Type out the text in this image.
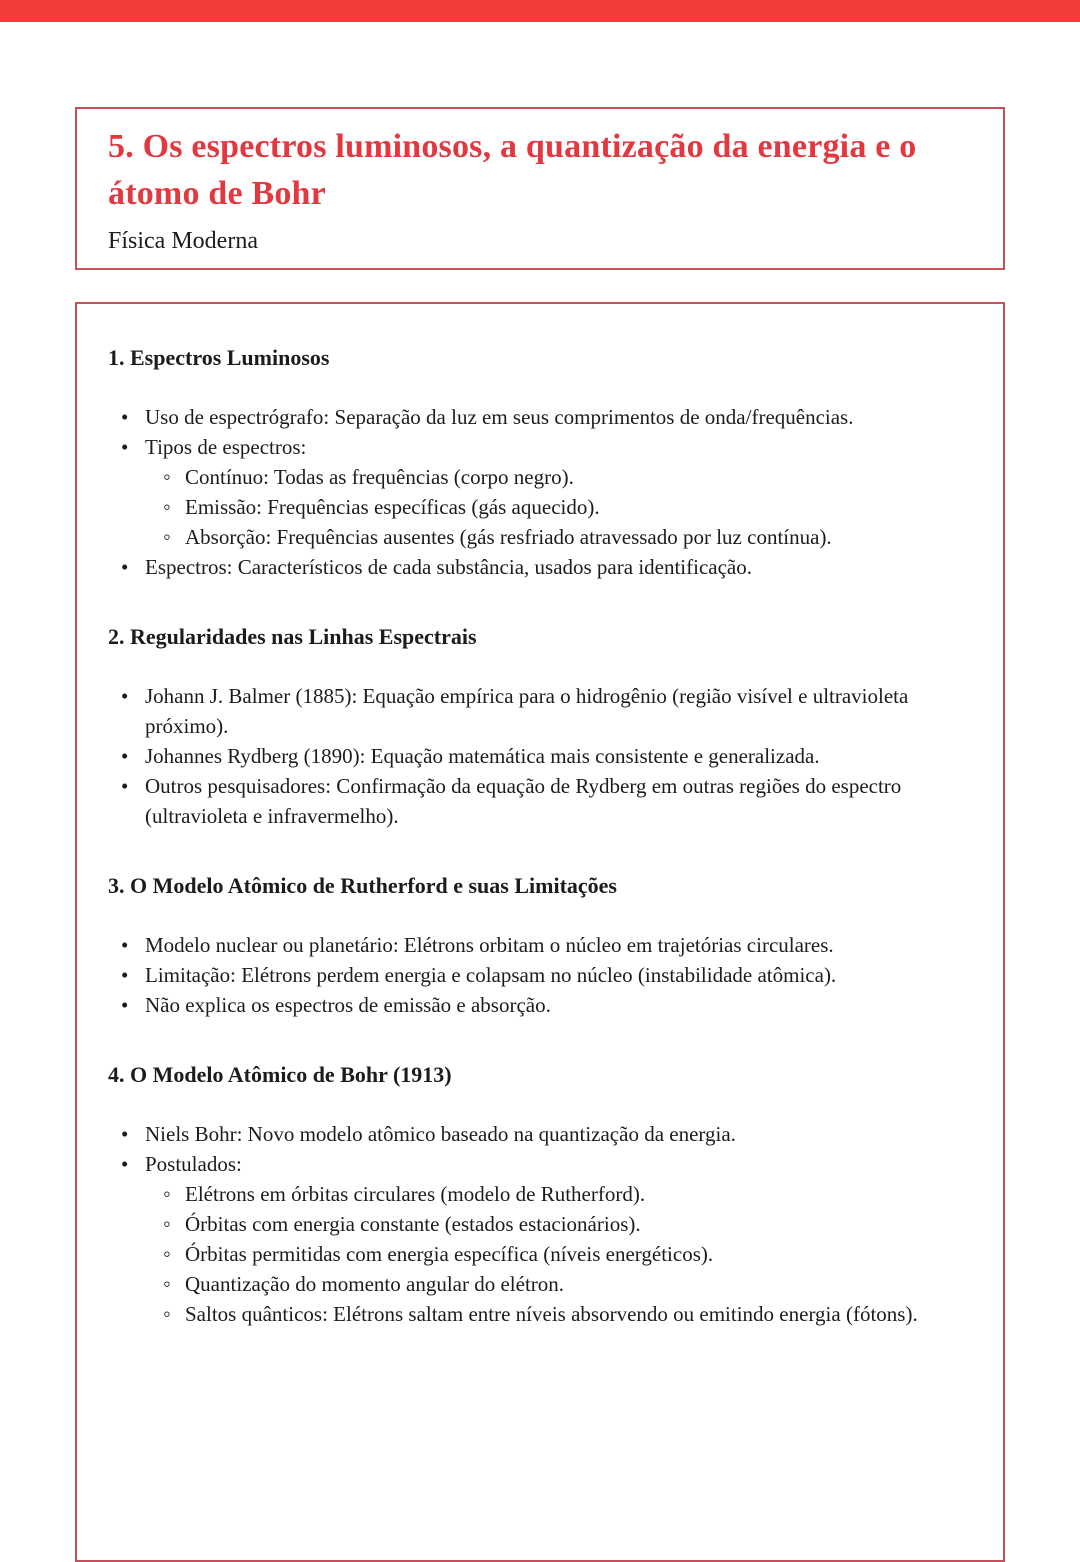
5. Os espectros luminosos, a quantização da energia e o átomo de Bohr

Física Moderna

1. Espectros Luminosos
• Uso de espectrógrafo: Separação da luz em seus comprimentos de onda/frequências.
• Tipos de espectros:
◦ Contínuo: Todas as frequências (corpo negro).
◦ Emissão: Frequências específicas (gás aquecido).
◦ Absorção: Frequências ausentes (gás resfriado atravessado por luz contínua).
• Espectros: Característicos de cada substância, usados para identificação.
2. Regularidades nas Linhas Espectrais
• Johann J. Balmer (1885): Equação empírica para o hidrogênio (região visível e ultravioleta próximo).
• Johannes Rydberg (1890): Equação matemática mais consistente e generalizada.
• Outros pesquisadores: Confirmação da equação de Rydberg em outras regiões do espectro (ultravioleta e infravermelho).
3. O Modelo Atômico de Rutherford e suas Limitações
• Modelo nuclear ou planetário: Elétrons orbitam o núcleo em trajetórias circulares.
• Limitação: Elétrons perdem energia e colapsam no núcleo (instabilidade atômica).
• Não explica os espectros de emissão e absorção.
4. O Modelo Atômico de Bohr (1913)
• Niels Bohr: Novo modelo atômico baseado na quantização da energia.
• Postulados:
◦ Elétrons em órbitas circulares (modelo de Rutherford).
◦ Órbitas com energia constante (estados estacionários).
◦ Órbitas permitidas com energia específica (níveis energéticos).
◦ Quantização do momento angular do elétron.
◦ Saltos quânticos: Elétrons saltam entre níveis absorvendo ou emitindo energia (fótons).
